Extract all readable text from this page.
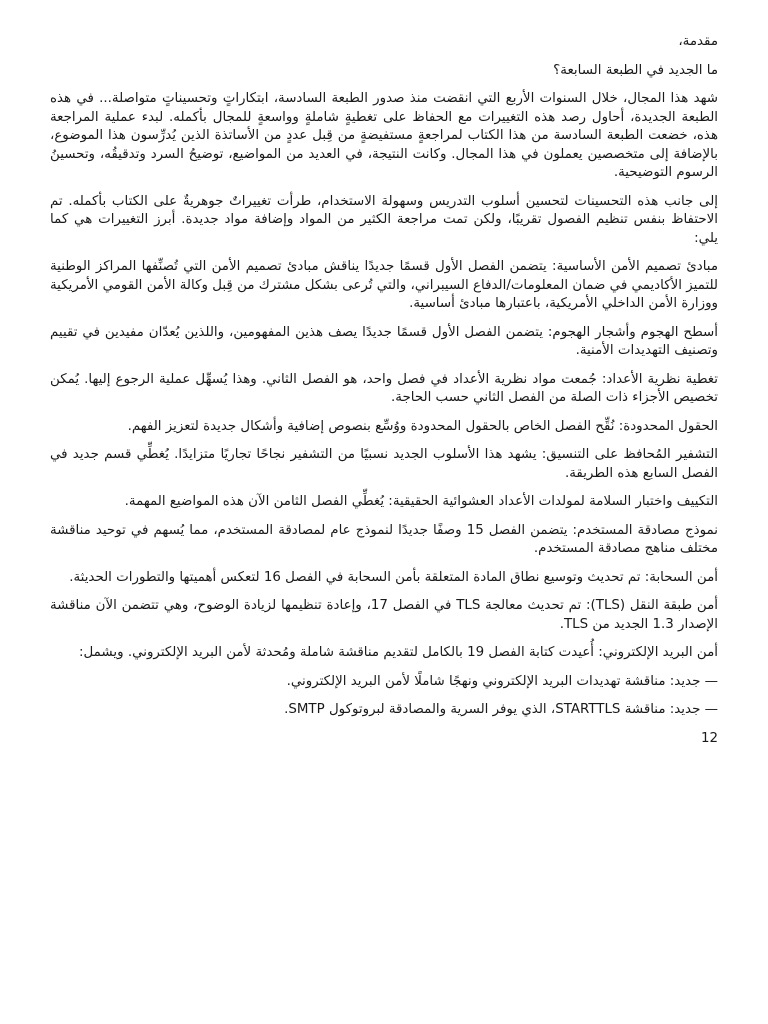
مقدمة،

ما الجديد في الطبعة السابعة؟

شهد هذا المجال، خلال السنوات الأربع التي انقضت منذ صدور الطبعة السادسة، ابتكاراتٍ وتحسيناتٍ متواصلة... في هذه الطبعة الجديدة، أحاول رصد هذه التغييرات مع الحفاظ على تغطيةٍ شاملةٍ وواسعةٍ للمجال بأكمله. لبدء عملية المراجعة هذه، خضعت الطبعة السادسة من هذا الكتاب لمراجعةٍ مستفيضةٍ من قِبل عددٍ من الأساتذة الذين يُدرِّسون هذا الموضوع، بالإضافة إلى متخصصين يعملون في هذا المجال. وكانت النتيجة، في العديد من المواضيع، توضيحُ السرد وتدقيقُه، وتحسينُ الرسوم التوضيحية.

إلى جانب هذه التحسينات لتحسين أسلوب التدريس وسهولة الاستخدام، طرأت تغييراتٌ جوهريةٌ على الكتاب بأكمله. تم الاحتفاظ بنفس تنظيم الفصول تقريبًا، ولكن تمت مراجعة الكثير من المواد وإضافة مواد جديدة. أبرز التغييرات هي كما يلي:

مبادئ تصميم الأمن الأساسية: يتضمن الفصل الأول قسمًا جديدًا يناقش مبادئ تصميم الأمن التي تُصنِّفها المراكز الوطنية للتميز الأكاديمي في ضمان المعلومات/الدفاع السيبراني، والتي تُرعى بشكل مشترك من قِبل وكالة الأمن القومي الأمريكية ووزارة الأمن الداخلي الأمريكية، باعتبارها مبادئ أساسية.

أسطح الهجوم وأشجار الهجوم: يتضمن الفصل الأول قسمًا جديدًا يصف هذين المفهومين، واللذين يُعدّان مفيدين في تقييم وتصنيف التهديدات الأمنية.

تغطية نظرية الأعداد: جُمعت مواد نظرية الأعداد في فصل واحد، هو الفصل الثاني. وهذا يُسهِّل عملية الرجوع إليها. يُمكن تخصيص الأجزاء ذات الصلة من الفصل الثاني حسب الحاجة.

الحقول المحدودة: نُقِّح الفصل الخاص بالحقول المحدودة ووُسِّع بنصوص إضافية وأشكال جديدة لتعزيز الفهم.

التشفير المُحافظ على التنسيق: يشهد هذا الأسلوب الجديد نسبيًا من التشفير نجاحًا تجاريًا متزايدًا. يُغطِّي قسم جديد في الفصل السابع هذه الطريقة.

التكييف واختبار السلامة لمولدات الأعداد العشوائية الحقيقية: يُغطِّي الفصل الثامن الآن هذه المواضيع المهمة.

نموذج مصادقة المستخدم: يتضمن الفصل 15 وصفًا جديدًا لنموذج عام لمصادقة المستخدم، مما يُسهم في توحيد مناقشة مختلف مناهج مصادقة المستخدم.

أمن السحابة: تم تحديث وتوسيع نطاق المادة المتعلقة بأمن السحابة في الفصل 16 لتعكس أهميتها والتطورات الحديثة.

أمن طبقة النقل (TLS): تم تحديث معالجة TLS في الفصل 17، وإعادة تنظيمها لزيادة الوضوح، وهي تتضمن الآن مناقشة الإصدار 1.3 الجديد من TLS.

أمن البريد الإلكتروني: أُعيدت كتابة الفصل 19 بالكامل لتقديم مناقشة شاملة ومُحدثة لأمن البريد الإلكتروني. ويشمل:

— جديد: مناقشة تهديدات البريد الإلكتروني ونهجًا شاملًا لأمن البريد الإلكتروني.

— جديد: مناقشة STARTTLS، الذي يوفر السرية والمصادقة لبروتوكول SMTP.

12
